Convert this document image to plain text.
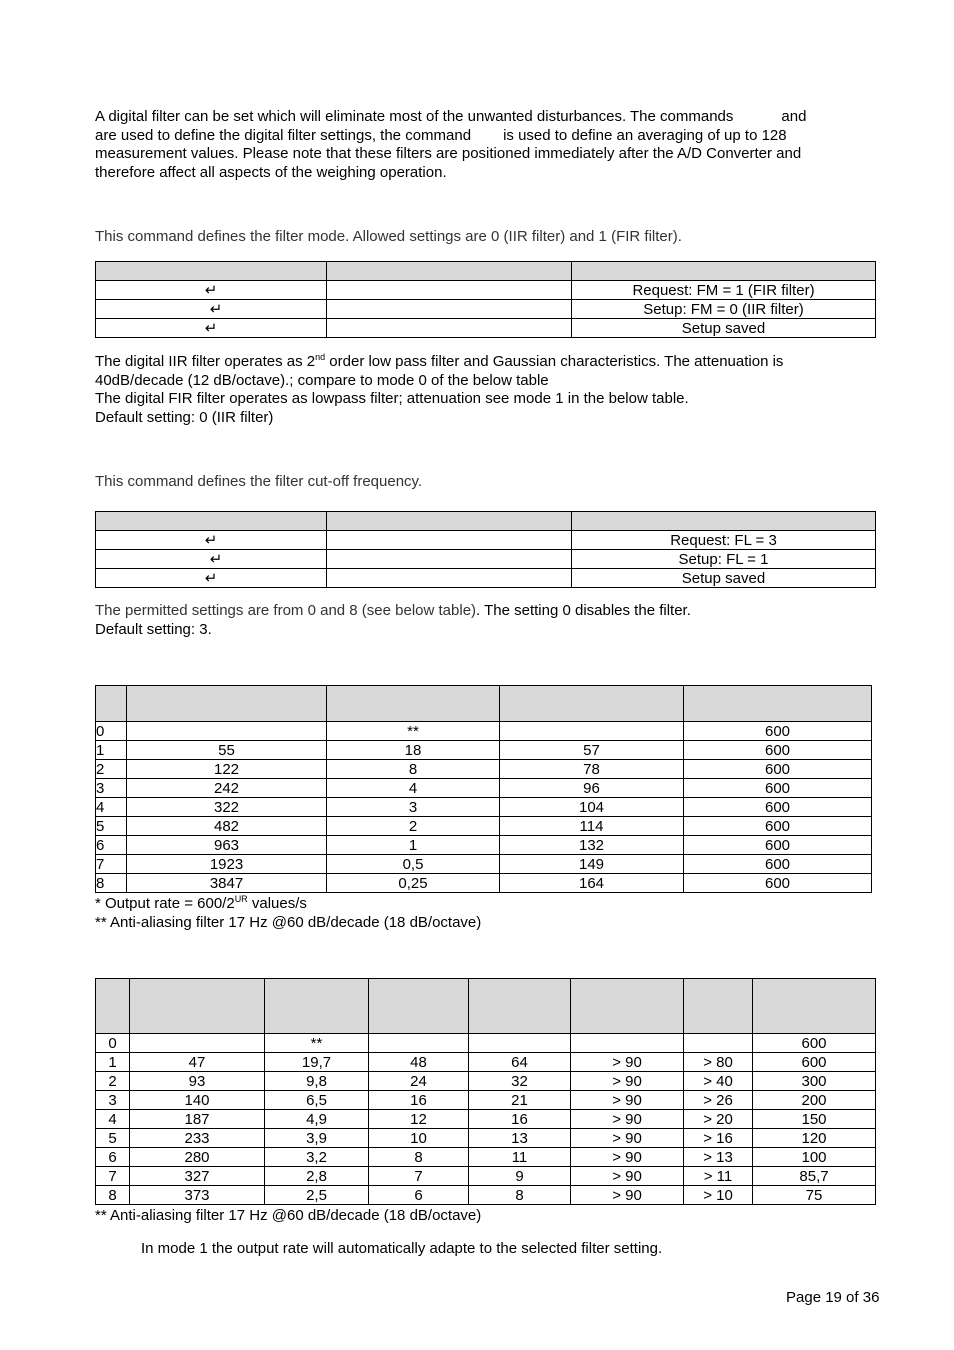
A digital filter can be set which will eliminate most of the unwanted disturbances. The commands	and

are used to define the digital filter settings, the command is used to define an averaging of up to 128

measurement values. Please note that these filters are positioned immediately after the A/D Converter and

therefore affect all aspects of the weighing operation.

This command defines the filter mode. Allowed settings are 0 (IIR filter) and 1 (FIR filter).

↵		Request: FM = 1 (FIR filter)
↵		Setup: FM = 0 (IIR filter)
↵		Setup saved

The digital IIR filter operates as 2nd order low pass filter and Gaussian characteristics. The attenuation is

40dB/decade (12 dB/octave).; compare to mode 0 of the below table

The digital FIR filter operates as lowpass filter; attenuation see mode 1 in the below table.

Default setting: 0 (IIR filter)

This command defines the filter cut-off frequency.

↵		Request: FL = 3
↵		Setup: FL = 1
↵		Setup saved

The permitted settings are from 0 and 8 (see below table). The setting 0 disables the filter.

Default setting: 3.

0		**		600
1	55	18	57	600
2	122	8	78	600
3	242	4	96	600
4	322	3	104	600
5	482	2	114	600
6	963	1	132	600
7	1923	0,5	149	600
8	3847	0,25	164	600

* Output rate = $600/2^{UR}$ values/s

** Anti-aliasing filter 17 Hz @60 dB/decade (18 dB/octave)

0		**					600
1	47	19,7	48	64	> 90	> 80	600
2	93	9,8	24	32	> 90	> 40	300
3	140	6,5	16	21	> 90	> 26	200
4	187	4,9	12	16	> 90	> 20	150
5	233	3,9	10	13	> 90	> 16	120
6	280	3,2	8	11	> 90	> 13	100
7	327	2,8	7	9	> 90	> 11	85,7
8	373	2,5	6	8	> 90	> 10	75

** Anti-aliasing filter 17 Hz @60 dB/decade (18 dB/octave)

In mode 1 the output rate will automatically adapte to the selected filter setting.

Page 19 of 36
